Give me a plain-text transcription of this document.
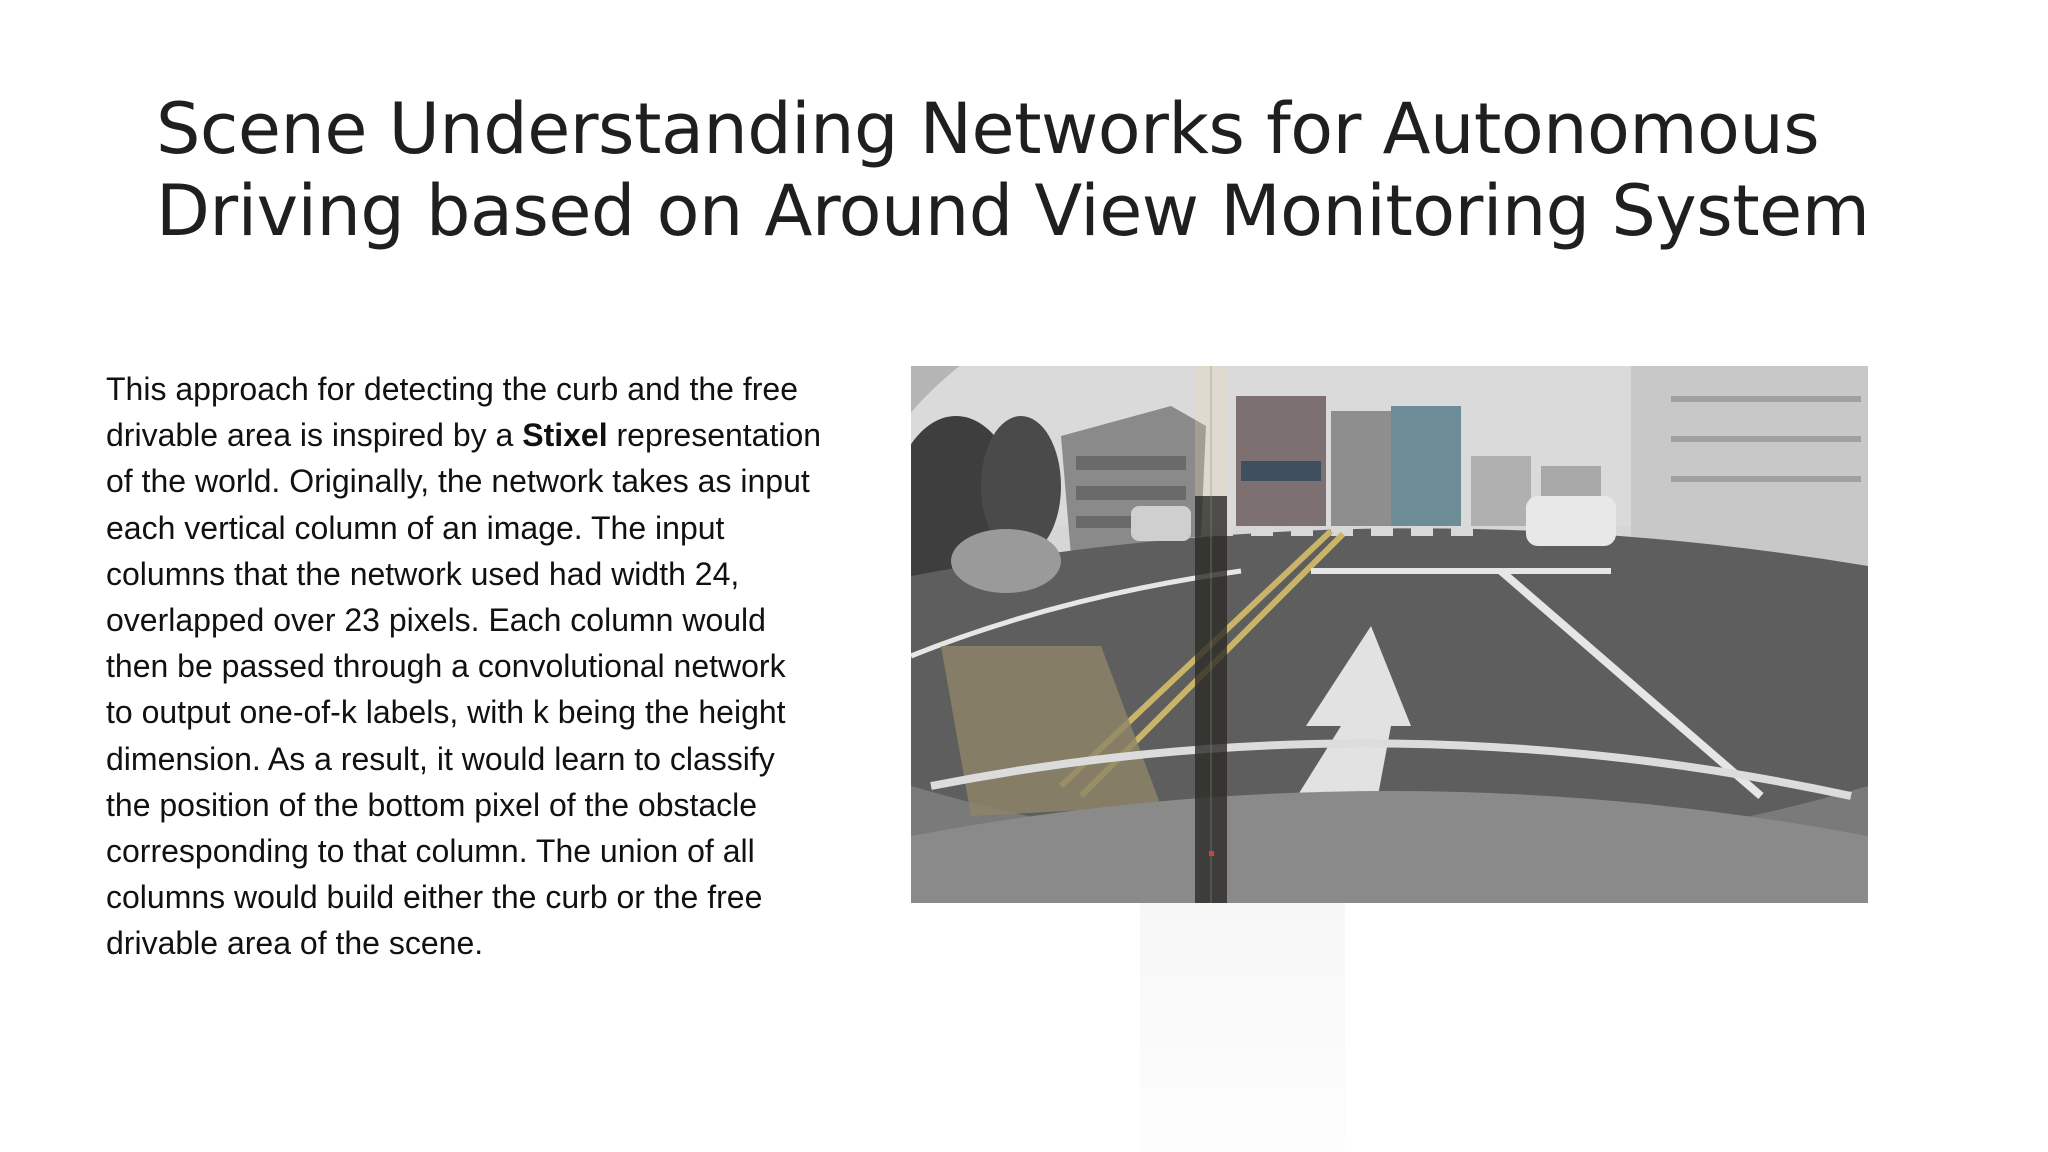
Scene Understanding Networks for Autonomous
Driving based on Around View Monitoring System
This approach for detecting the curb and the free
drivable area is inspired by a Stixel representation
of the world. Originally, the network takes as input
each vertical column of an image. The input
columns that the network used had width 24,
overlapped over 23 pixels. Each column would
then be passed through a convolutional network
to output one-of-k labels, with k being the height
dimension. As a result, it would learn to classify
the position of the bottom pixel of the obstacle
corresponding to that column. The union of all
columns would build either the curb or the free
drivable area of the scene.
